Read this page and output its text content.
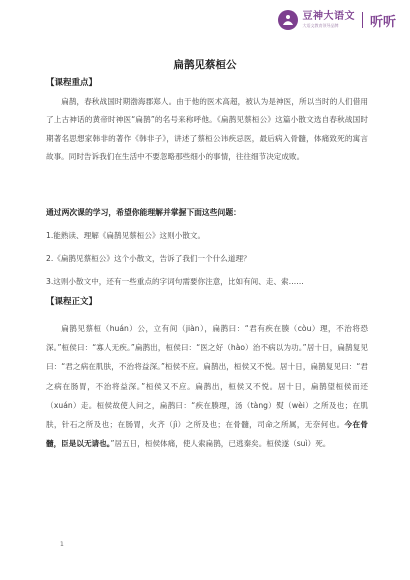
豆神大语文
大语文教育领导品牌	听听
扁鹊见蔡桓公
【课程重点】
扁鹊，春秋战国时期渤海郡郑人。由于他的医术高超，被认为是神医，所以当时的人们借用了上古神话的黄帝时神医“扁鹊”的名号来称呼他。《扁鹊见蔡桓公》这篇小散文选自春秋战国时期著名思想家韩非的著作《韩非子》，讲述了蔡桓公讳疾忌医，最后病入骨髓，体痛致死的寓言故事。同时告诉我们在生活中不要忽略那些细小的事情，往往细节决定成败。
通过两次课的学习，希望你能理解并掌握下面这些问题：
1.能熟读、理解《扁鹊见蔡桓公》这则小散文。
2.《扁鹊见蔡桓公》这个小散文，告诉了我们一个什么道理？
3.这则小散文中，还有一些重点的字词句需要你注意，比如有间、走、索……
【课程正文】
扁鹊见蔡桓（huán）公，立有间（jiàn），扁鹊曰：“君有疾在腠（còu）理，不治将恐深。”桓侯曰：“寡人无疾。”扁鹊出，桓侯曰：“医之好（hào）治不病以为功。”居十日，扁鹊复见曰：“君之病在肌肤，不治将益深。”桓侯不应。扁鹊出，桓侯又不悦。居十日，扁鹊复见曰：“君之病在肠胃，不治将益深。”桓侯又不应。扁鹊出，桓侯又不悦。居十日，扁鹊望桓侯而还（xuán）走。桓侯故使人问之，扁鹊曰：“疾在腠理，汤（tàng）熨（wèi）之所及也；在肌肤，针石之所及也；在肠胃，火齐（jì）之所及也；在骨髓，司命之所属，无奈何也。今在骨髓，臣是以无请也。”居五日，桓侯体痛，使人索扁鹊，已逃秦矣。桓侯遂（suì）死。
1
